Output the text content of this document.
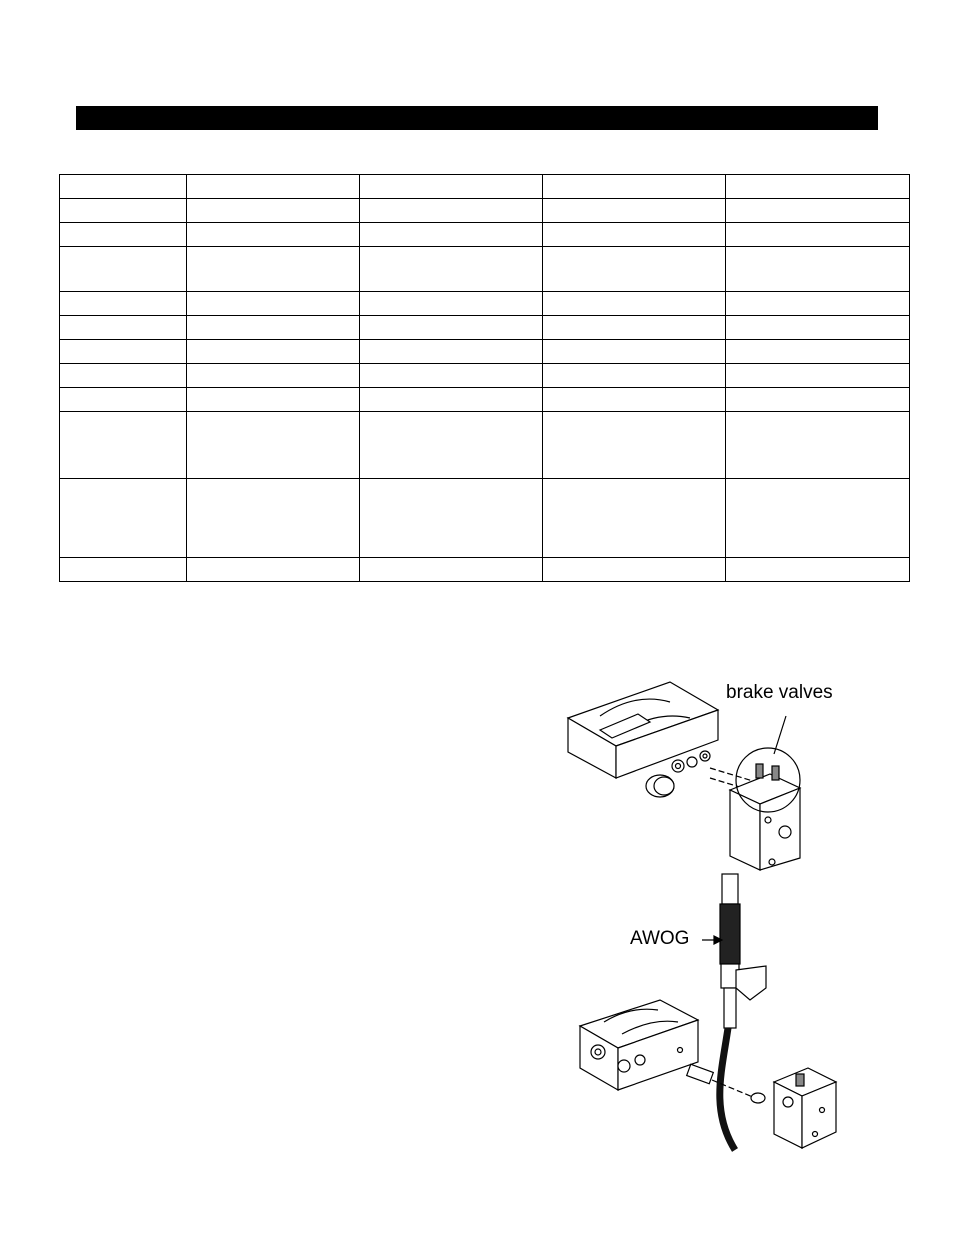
brake valves
AWOG
